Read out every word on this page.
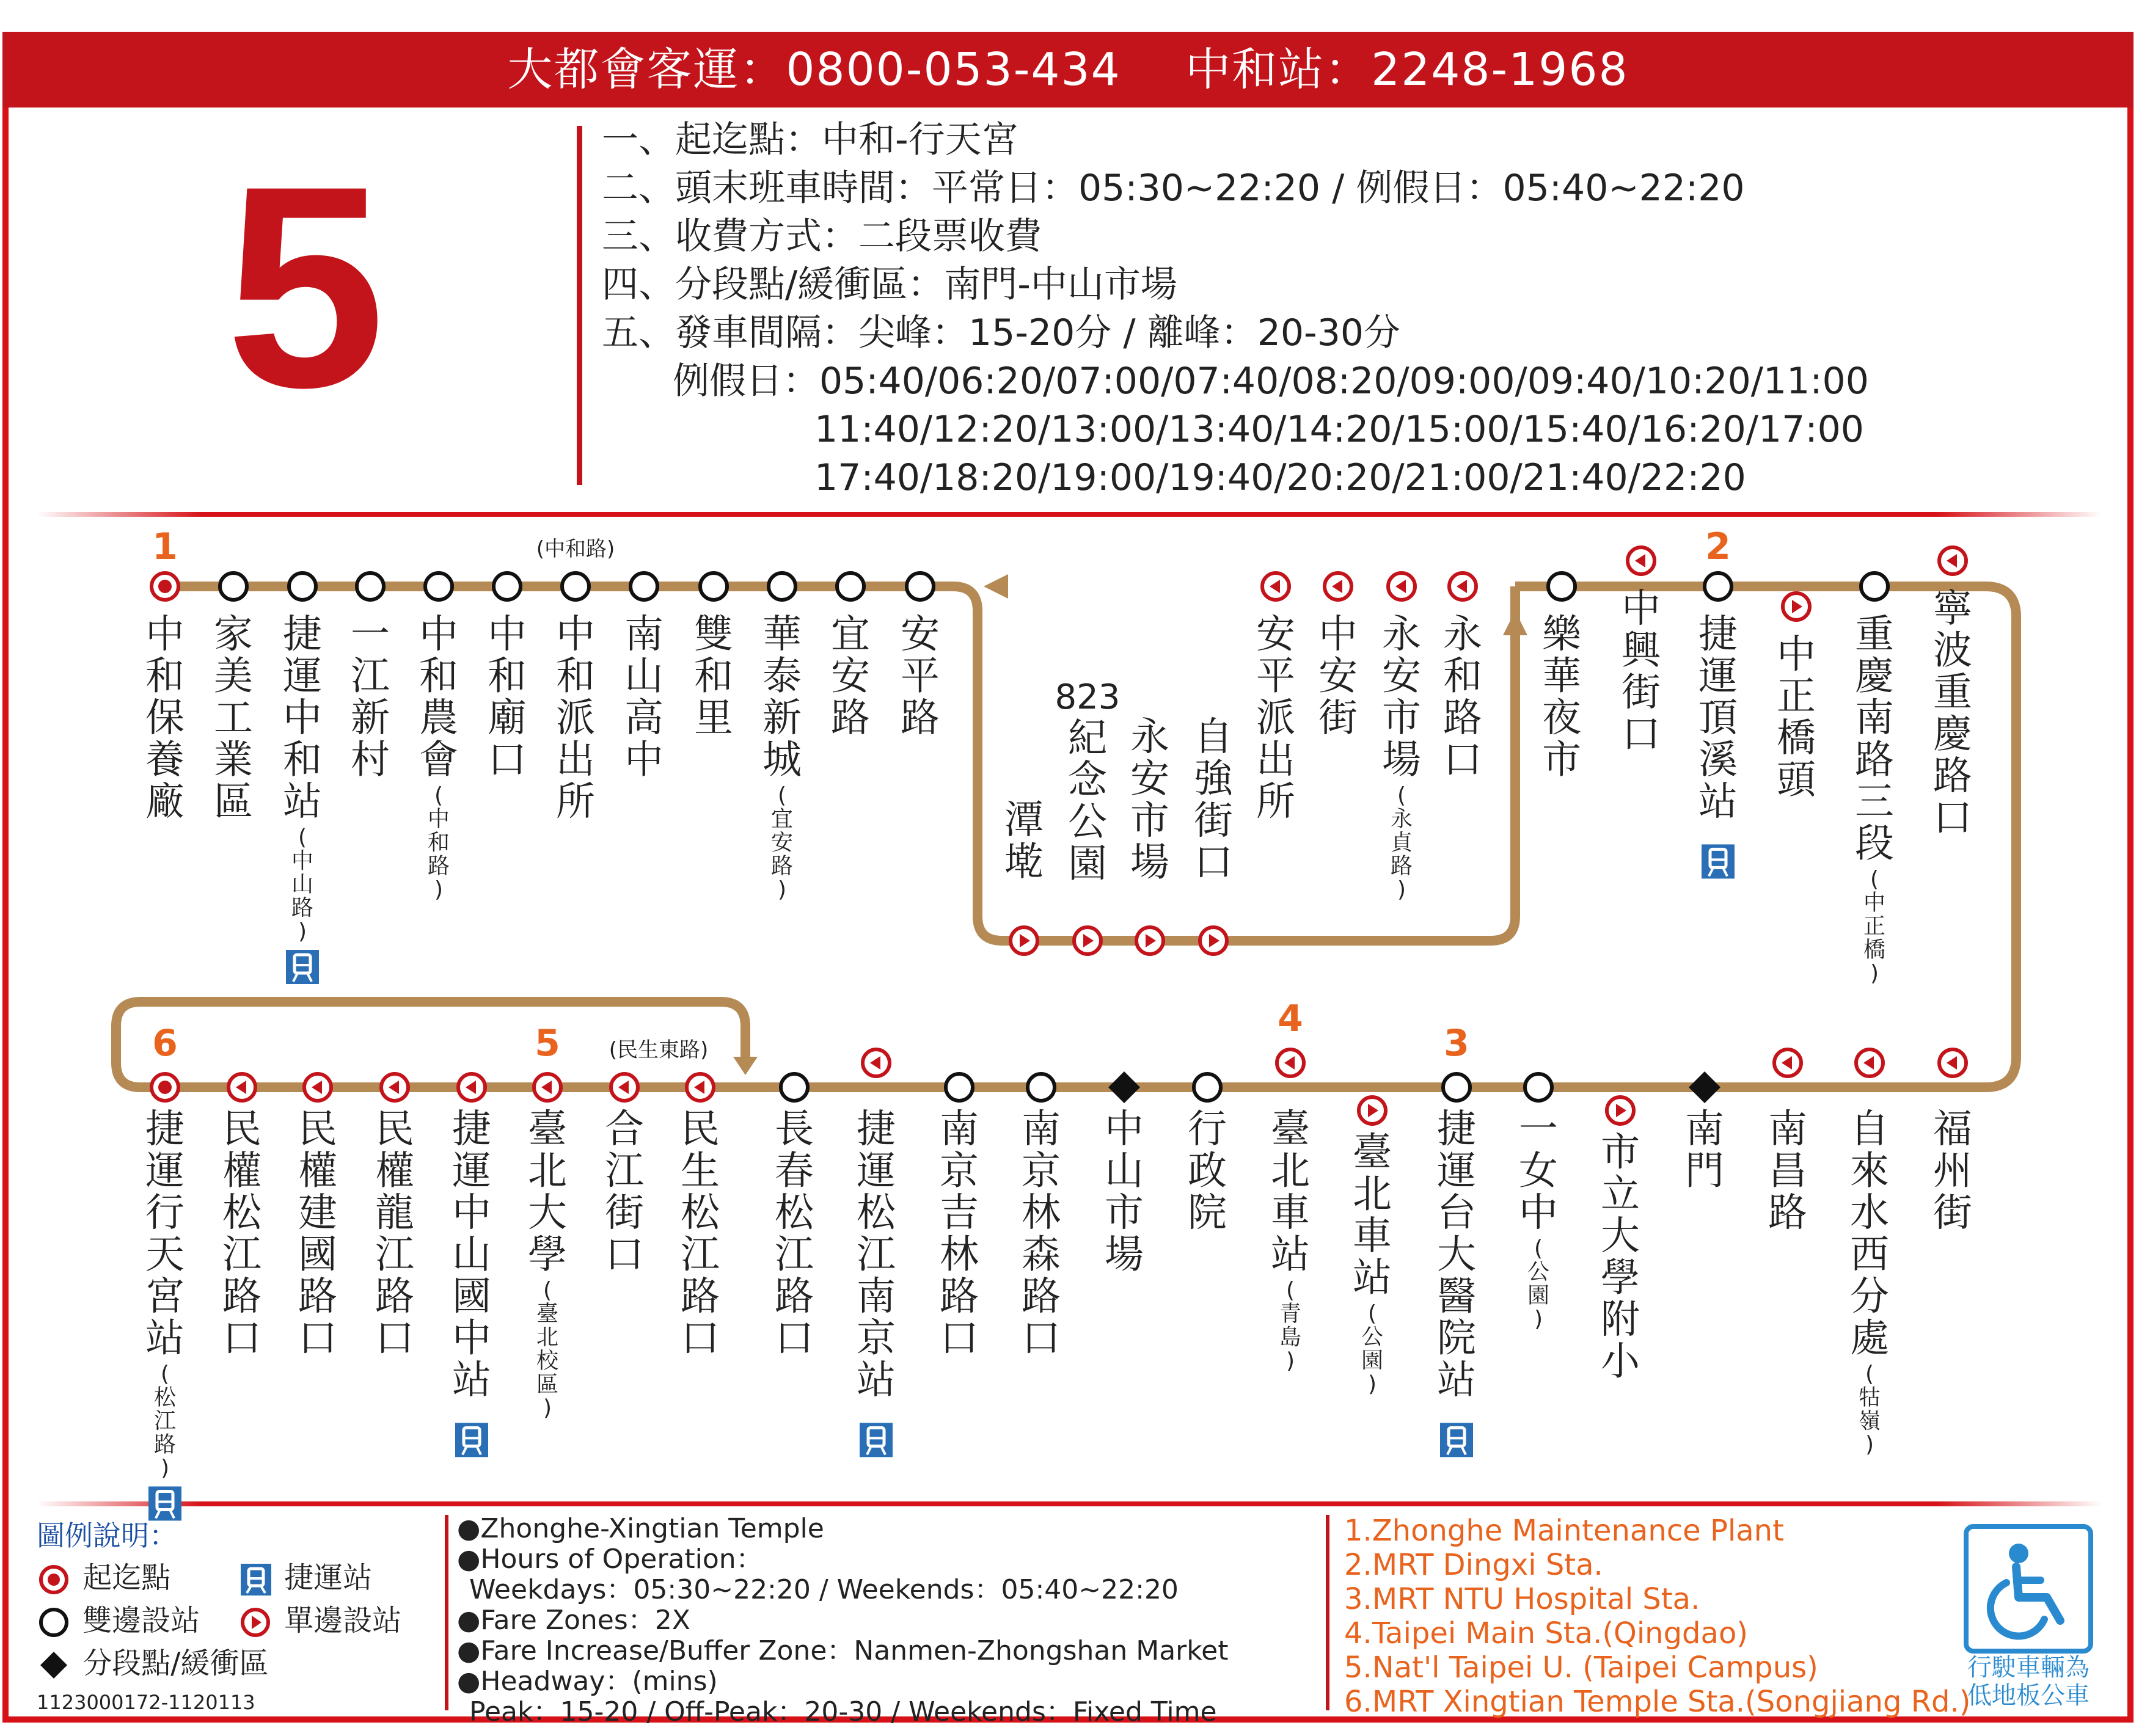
大都會客運：0800-053-434 中和站：2248-1968
5	一、起迄點：中和-行天宮
二、頭末班車時間：平常日：05:30~22:20 / 例假日：05:40~22:20
三、收費方式：二段票收費
四、分段點/緩衝區：南門-中山市場
五、發車間隔：尖峰：15-20分 / 離峰：20-30分
例假日：05:40/06:20/07:00/07:40/08:20/09:00/09:40/10:20/11:00
11:40/12:20/13:00/13:40/14:20/15:00/15:40/16:20/17:00
17:40/18:20/19:00/19:40/20:20/21:00/21:40/22:20
中和保養廠
1
家美工業區
捷運中和站
(中山路)
一江新村
中和農會
(中和路)
中和廟口
中和派出所
南山高中
雙和里
華泰新城
(宜安路)
宜安路
安平路
(中和路)
潭墘
823
紀念公園
永安市場
自強街口
安平派出所
中安街
永安市場
(永貞路)
永和路口
樂華夜市
中興街口
捷運頂溪站
2
中正橋頭
重慶南路三段
(中正橋)
寧波重慶路口
捷運行天宮站
(松江路)
6
民權松江路口
民權建國路口
民權龍江路口
捷運中山國中站
臺北大學
(臺北校區)
5
合江街口
民生松江路口
長春松江路口
捷運松江南京站
南京吉林路口
南京林森路口
中山市場
行政院
臺北車站
(青島)
4
臺北車站
(公園)
捷運台大醫院站
3
一女中
(公園)
市立大學附小
南門
南昌路
自來水西分處
(牯嶺)
福州街
(民生東路)
圖例說明：
起迄點	捷運站
雙邊設站	單邊設站
分段點/緩衝區
1123000172-1120113
●Zhonghe-Xingtian Temple
●Hours of Operation：
Weekdays：05:30~22:20 / Weekends：05:40~22:20
●Fare Zones：2X
●Fare Increase/Buffer Zone：Nanmen-Zhongshan Market
●Headway：(mins)
Peak：15-20 / Off-Peak：20-30 / Weekends：Fixed Time
1.Zhonghe Maintenance Plant
2.MRT Dingxi Sta.
3.MRT NTU Hospital Sta.
4.Taipei Main Sta.(Qingdao)
5.Nat'l Taipei U. (Taipei Campus)
6.MRT Xingtian Temple Sta.(Songjiang Rd.)
行駛車輛為
低地板公車
